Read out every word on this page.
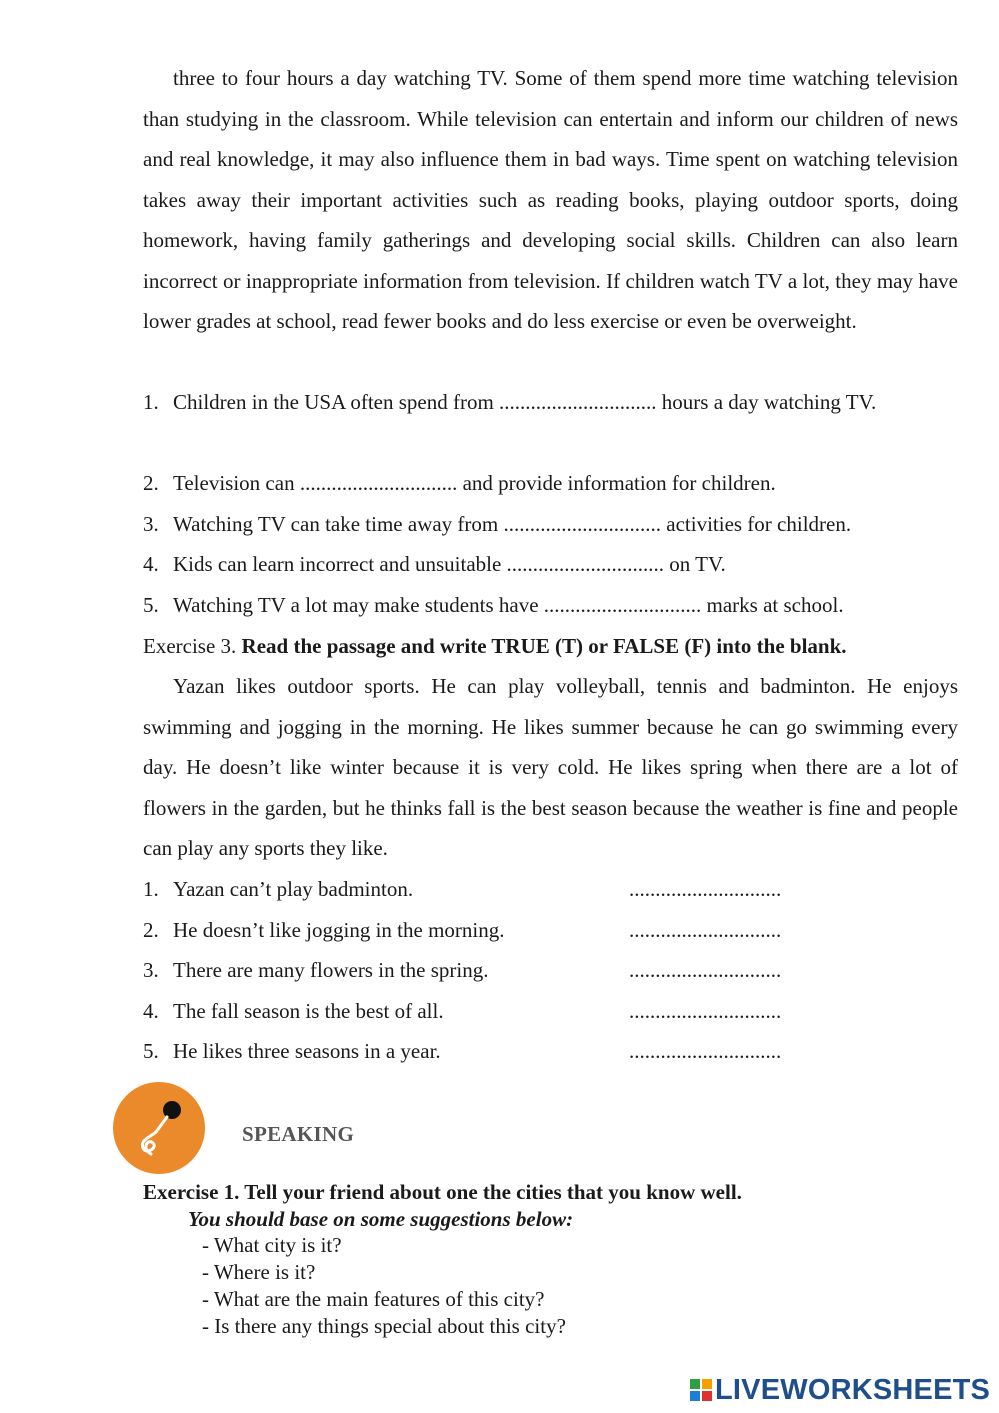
three to four hours a day watching TV. Some of them spend more time watching television than studying in the classroom. While television can entertain and inform our children of news and real knowledge, it may also influence them in bad ways. Time spent on watching television takes away their important activities such as reading books, playing outdoor sports, doing homework, having family gatherings and developing social skills. Children can also learn incorrect or inappropriate information from television. If children watch TV a lot, they may have lower grades at school, read fewer books and do less exercise or even be overweight.
1. Children in the USA often spend from .............................. hours a day watching TV.
2. Television can .............................. and provide information for children.
3. Watching TV can take time away from .............................. activities for children.
4. Kids can learn incorrect and unsuitable .............................. on TV.
5. Watching TV a lot may make students have .............................. marks at school.
Exercise 3. Read the passage and write TRUE (T) or FALSE (F) into the blank.
Yazan likes outdoor sports. He can play volleyball, tennis and badminton. He enjoys swimming and jogging in the morning. He likes summer because he can go swimming every day. He doesn’t like winter because it is very cold. He likes spring when there are a lot of flowers in the garden, but he thinks fall is the best season because the weather is fine and people can play any sports they like.
1. Yazan can’t play badminton.	.............................
2. He doesn’t like jogging in the morning.	.............................
3. There are many flowers in the spring.	.............................
4. The fall season is the best of all.	.............................
5. He likes three seasons in a year.	.............................
SPEAKING
Exercise 1. Tell your friend about one the cities that you know well.
You should base on some suggestions below:
- What city is it?
- Where is it?
- What are the main features of this city?
- Is there any things special about this city?
LIVEWORKSHEETS
